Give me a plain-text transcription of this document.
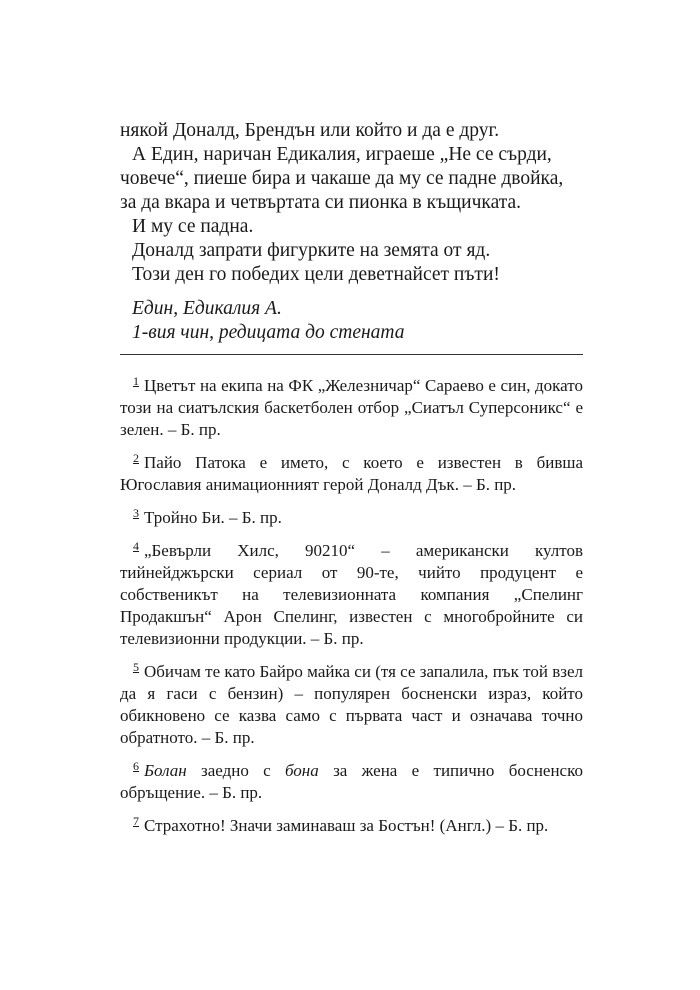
някой Доналд, Брендън или който и да е друг.

А Един, наричан Едикалия, играеше „Не се сърди, човече“, пиеше бира и чакаше да му се падне двойка, за да вкара и четвъртата си пионка в къщичката.

И му се падна.

Доналд запрати фигурките на земята от яд.

Този ден го победих цели деветнайсет пъти!

Един, Едикалия А.
1-вия чин, редицата до стената

$^1$ Цветът на екипа на ФК „Железничар“ Сараево е син, докато този на сиатълския баскетболен отбор „Сиатъл Суперсоникс“ е зелен. – Б. пр.

$^2$ Пайо Патока е името, с което е известен в бивша Югославия анимационният герой Доналд Дък. – Б. пр.

$^3$ Тройно Би. – Б. пр.

$^4$ „Бевърли Хилс, 90210“ – американски култов тийнейджърски сериал от 90-те, чийто продуцент е собственикът на телевизионната компания „Спелинг Продакшън“ Арон Спелинг, известен с многобройните си телевизионни продукции. – Б. пр.

$^5$ Обичам те като Байро майка си (тя се запалила, пък той взел да я гаси с бензин) – популярен босненски израз, който обикновено се казва само с първата част и означава точно обратното. – Б. пр.

$^6$ Болан заедно с бона за жена е типично босненско обръщение. – Б. пр.

$^7$ Страхотно! Значи заминаваш за Бостън! (Англ.) – Б. пр.
